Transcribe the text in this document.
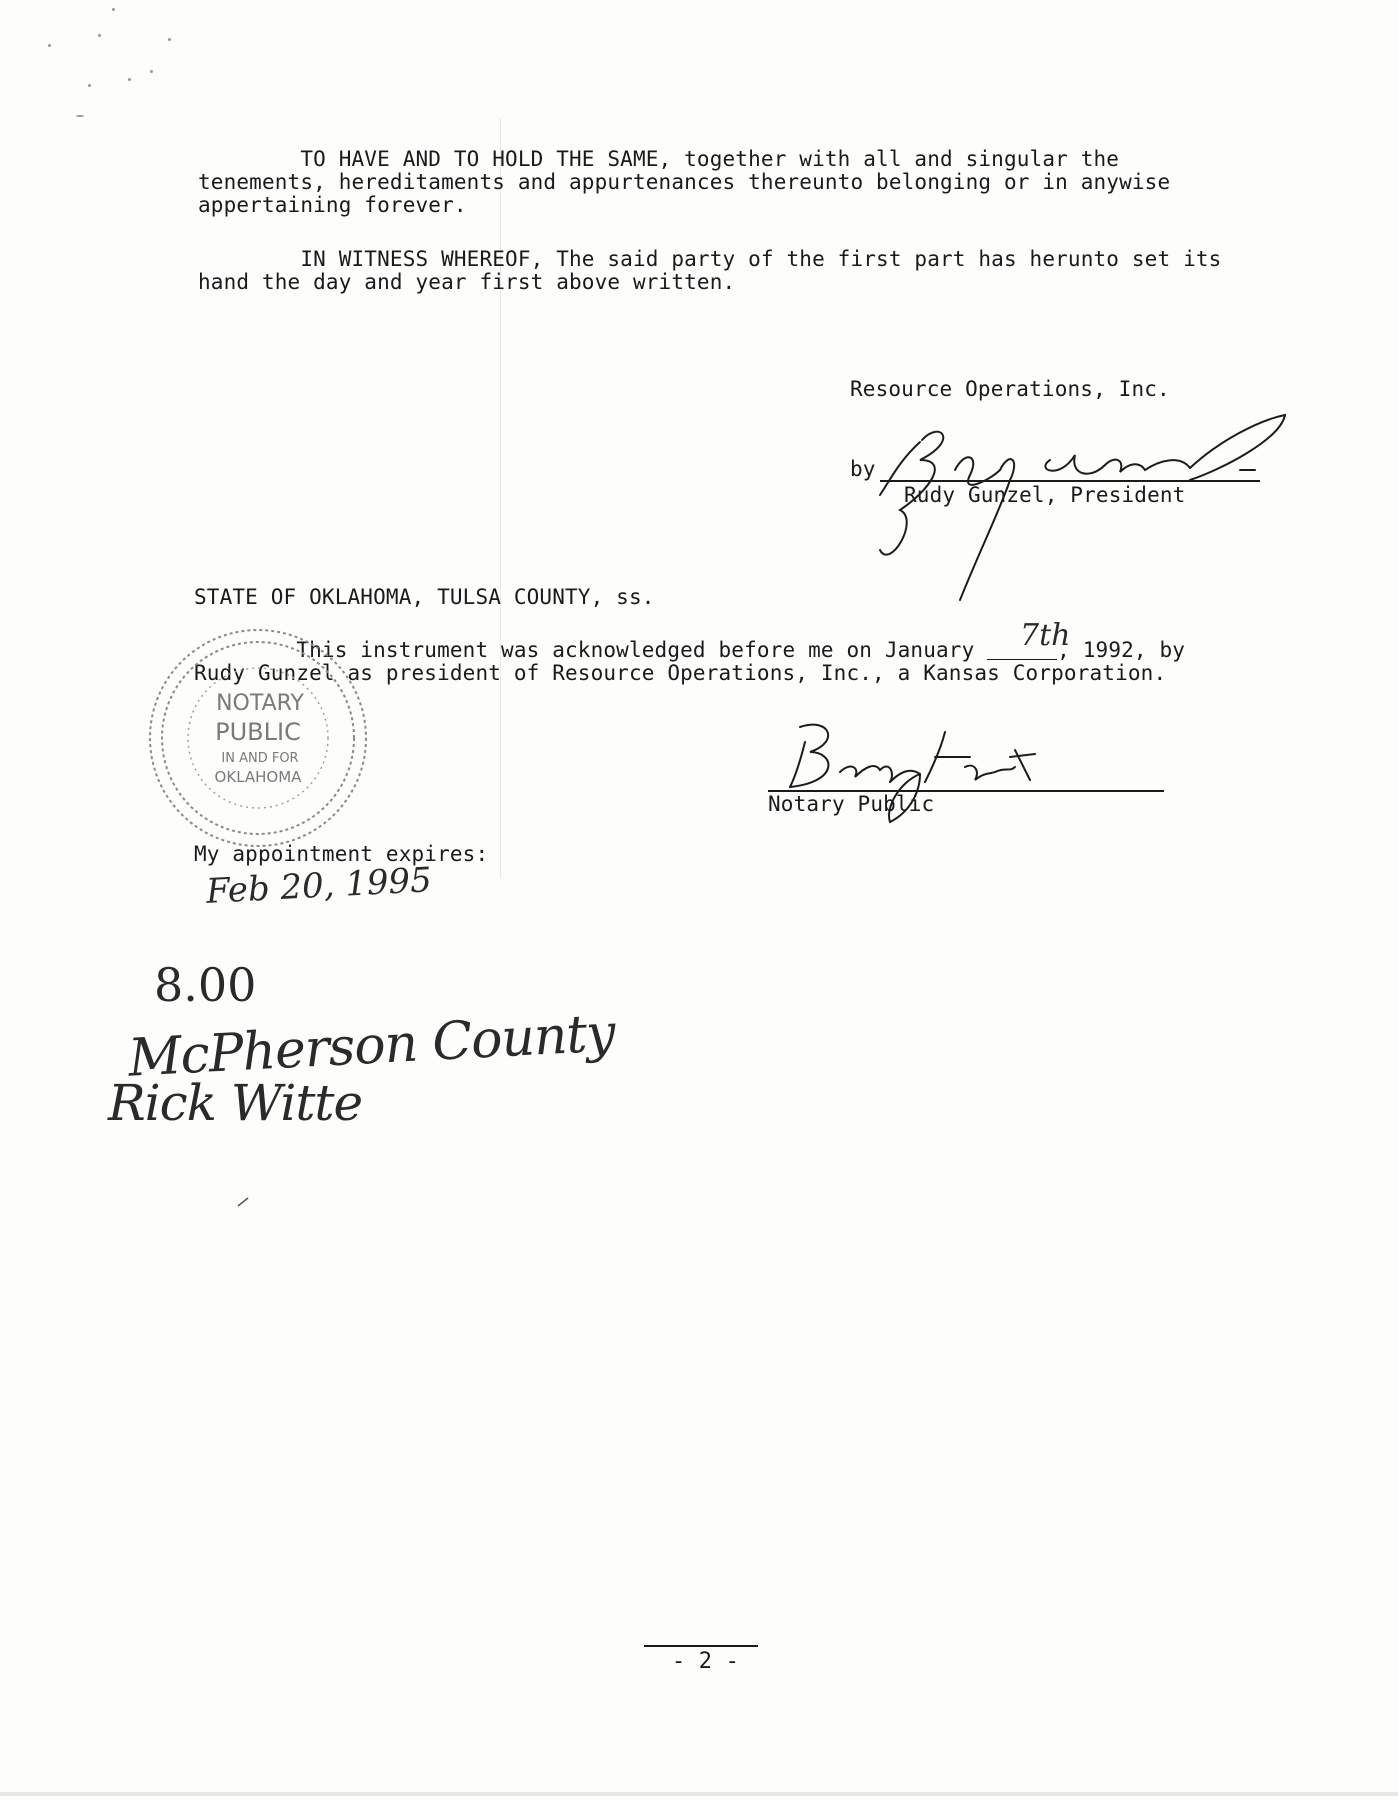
TO HAVE AND TO HOLD THE SAME, together with all and singular the
tenements, hereditaments and appurtenances thereunto belonging or in anywise
appertaining forever.
IN WITNESS WHEREOF, The said party of the first part has herunto set its
hand the day and year first above written.
Resource Operations, Inc.
by
Rudy Gunzel, President
STATE OF OKLAHOMA, TULSA COUNTY, ss.
This instrument was acknowledged before me on January	, 1992, by
7th
Rudy Gunzel as president of Resource Operations, Inc., a Kansas Corporation.
NOTARY
PUBLIC
IN AND FOR
OKLAHOMA
Notary Public
My appointment expires:
Feb 20, 1995
8.00
McPherson County
Rick Witte
- 2 -
